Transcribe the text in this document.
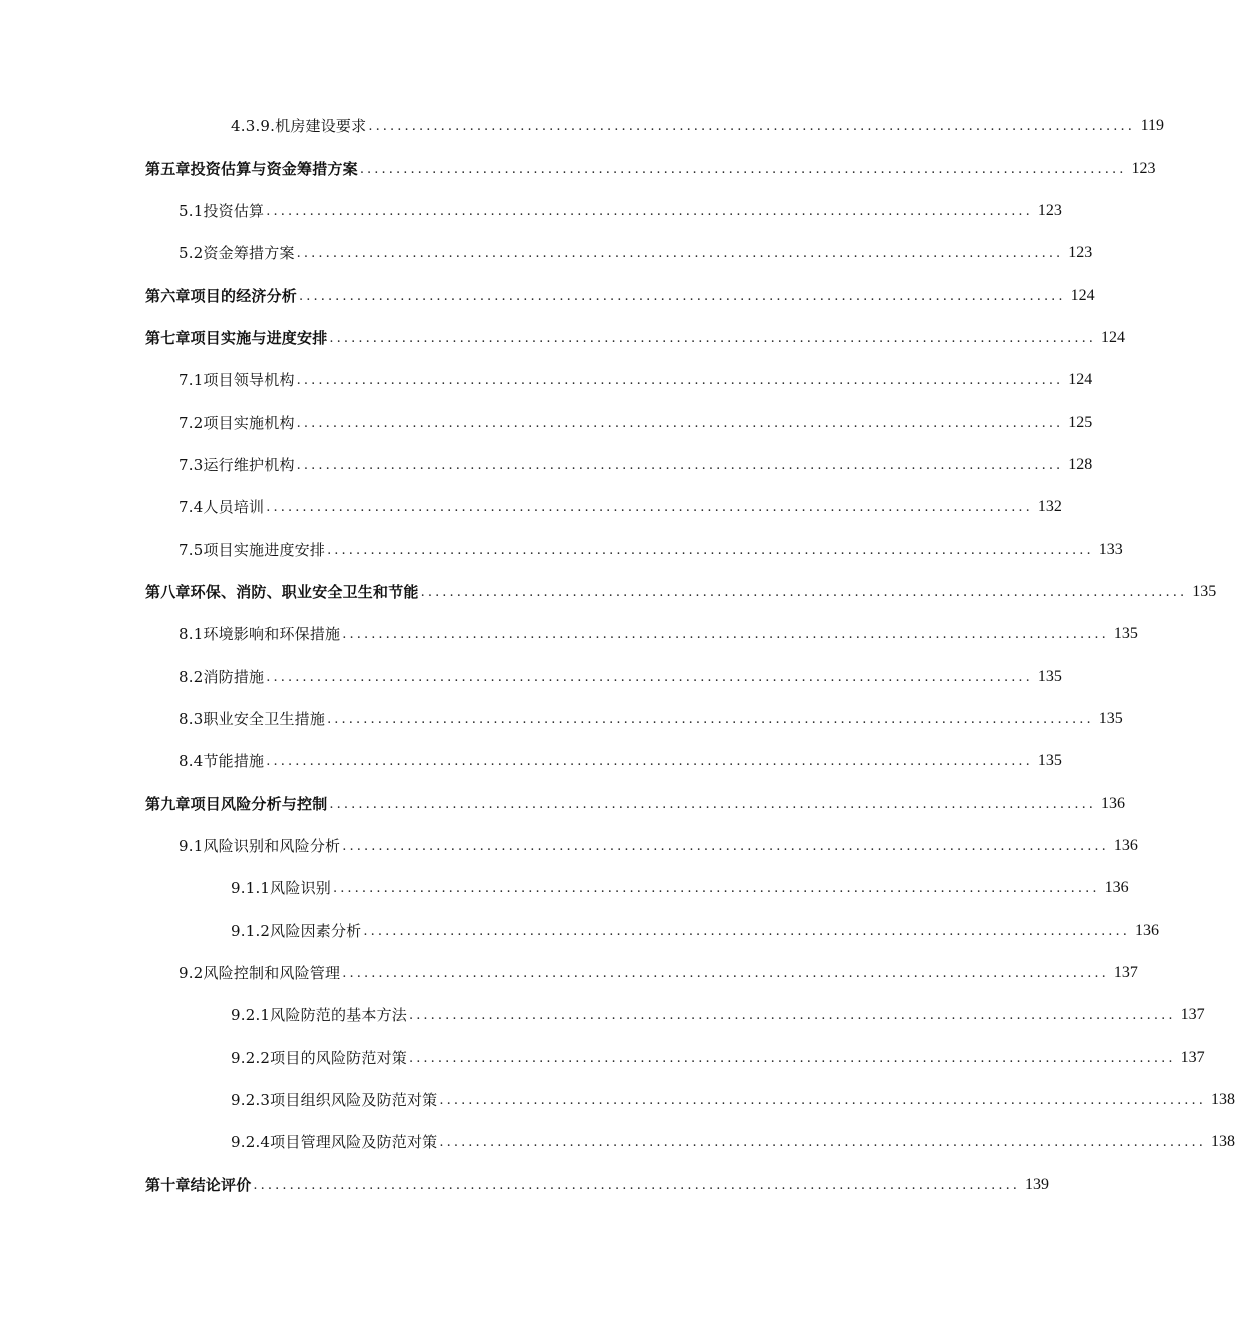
4.3.9.机房建设要求 .......................................................................................................... 119
第五章投资估算与资金筹措方案 .......................................................................................................... 123
5.1投资估算 .......................................................................................................... 123
5.2资金筹措方案 .......................................................................................................... 123
第六章项目的经济分析 .......................................................................................................... 124
第七章项目实施与进度安排 .......................................................................................................... 124
7.1项目领导机构 .......................................................................................................... 124
7.2项目实施机构 .......................................................................................................... 125
7.3运行维护机构 .......................................................................................................... 128
7.4人员培训 .......................................................................................................... 132
7.5项目实施进度安排 .......................................................................................................... 133
第八章环保、消防、职业安全卫生和节能 .......................................................................................................... 135
8.1环境影响和环保措施 .......................................................................................................... 135
8.2消防措施 .......................................................................................................... 135
8.3职业安全卫生措施 .......................................................................................................... 135
8.4节能措施 .......................................................................................................... 135
第九章项目风险分析与控制 .......................................................................................................... 136
9.1风险识别和风险分析 .......................................................................................................... 136
9.1.1风险识别 .......................................................................................................... 136
9.1.2风险因素分析 .......................................................................................................... 136
9.2风险控制和风险管理 .......................................................................................................... 137
9.2.1风险防范的基本方法 .......................................................................................................... 137
9.2.2项目的风险防范对策 .......................................................................................................... 137
9.2.3项目组织风险及防范对策 .......................................................................................................... 138
9.2.4项目管理风险及防范对策 .......................................................................................................... 138
第十章结论评价 .......................................................................................................... 139
